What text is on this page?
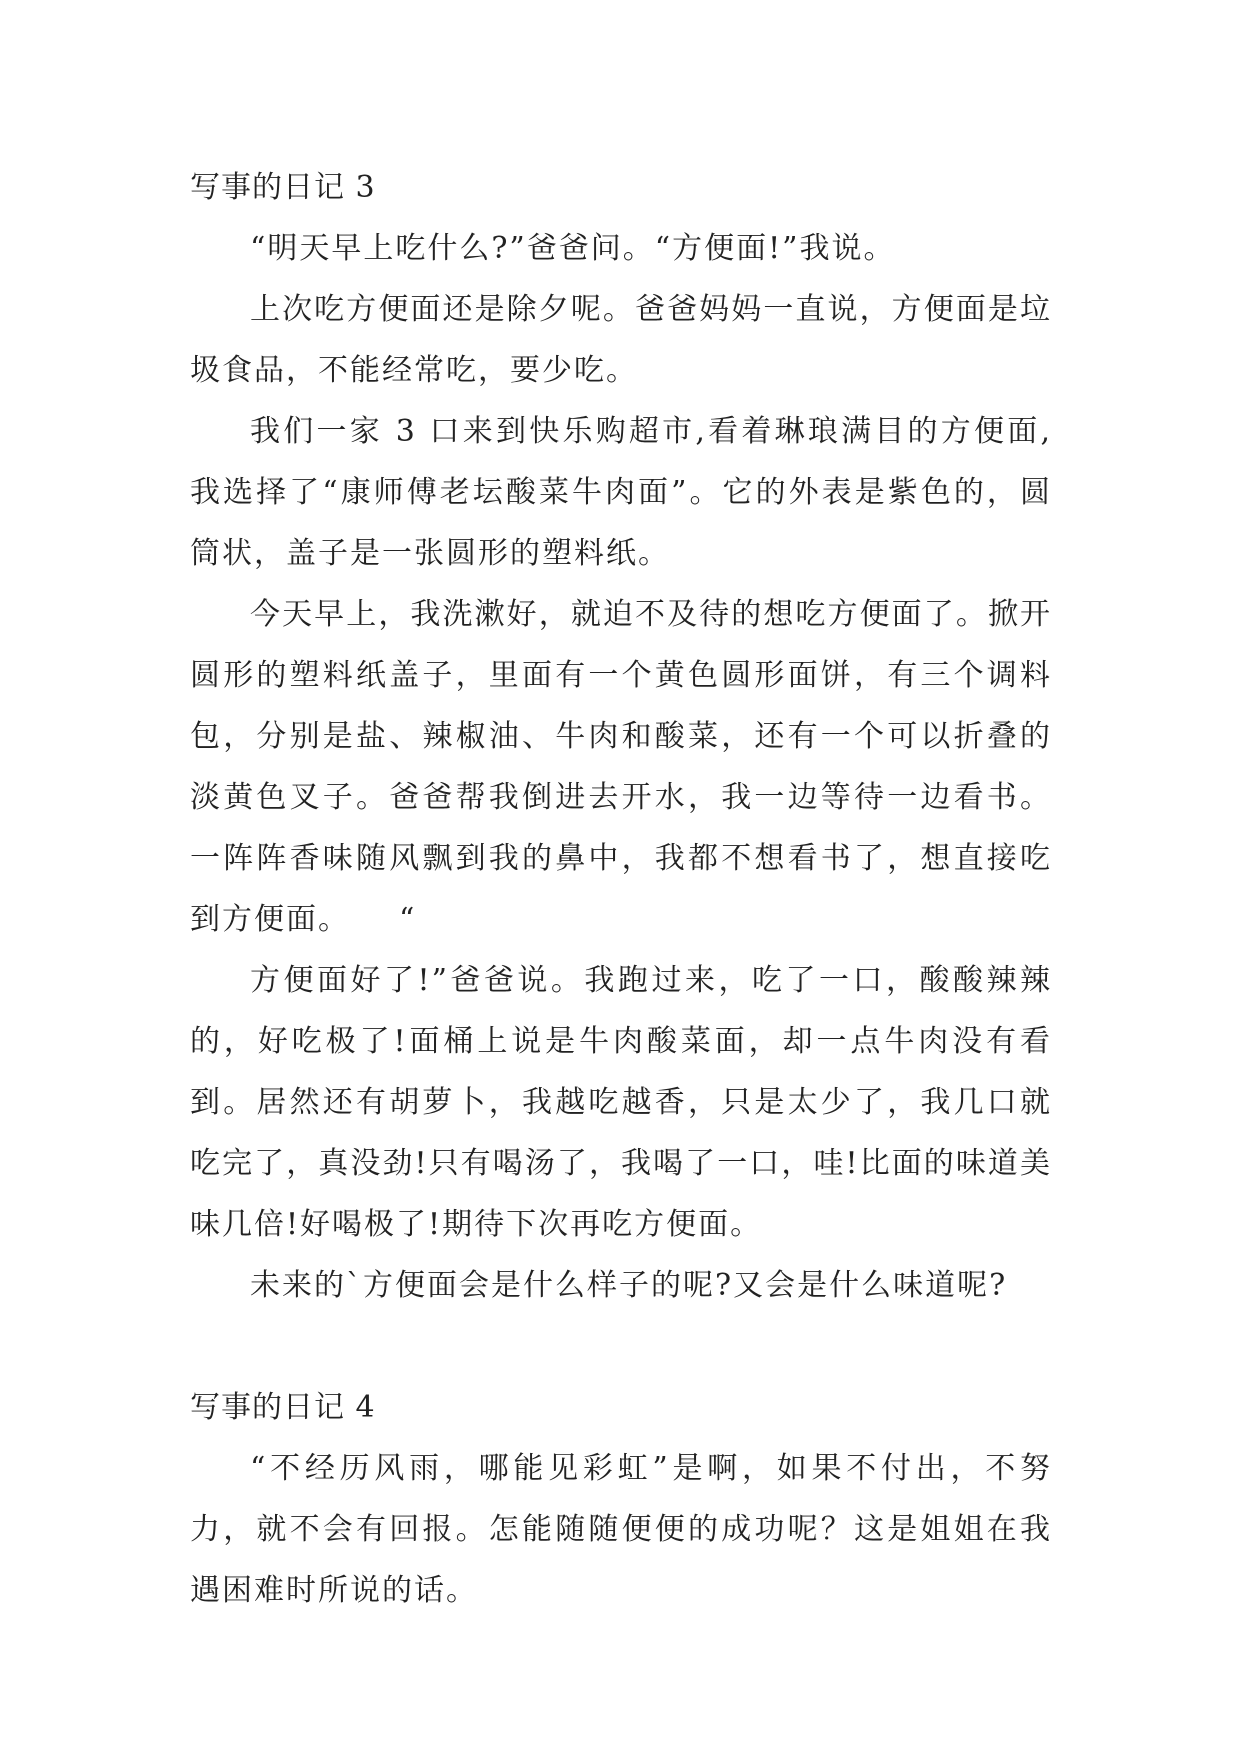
写事的日记 3

“明天早上吃什么?”爸爸问。“方便面!”我说。

上次吃方便面还是除夕呢。爸爸妈妈一直说，方便面是垃圾食品，不能经常吃，要少吃。

我们一家 3 口来到快乐购超市,看着琳琅满目的方便面,我选择了“康师傅老坛酸菜牛肉面”。它的外表是紫色的，圆筒状，盖子是一张圆形的塑料纸。

今天早上，我洗漱好，就迫不及待的想吃方便面了。掀开圆形的塑料纸盖子，里面有一个黄色圆形面饼，有三个调料包，分别是盐、辣椒油、牛肉和酸菜，还有一个可以折叠的淡黄色叉子。爸爸帮我倒进去开水，我一边等待一边看书。一阵阵香味随风飘到我的鼻中，我都不想看书了，想直接吃到方便面。　　“

方便面好了!”爸爸说。我跑过来，吃了一口，酸酸辣辣的，好吃极了!面桶上说是牛肉酸菜面，却一点牛肉没有看到。居然还有胡萝卜，我越吃越香，只是太少了，我几口就吃完了，真没劲!只有喝汤了，我喝了一口，哇!比面的味道美味几倍!好喝极了!期待下次再吃方便面。

未来的`方便面会是什么样子的呢?又会是什么味道呢?

写事的日记 4

“不经历风雨，哪能见彩虹”是啊，如果不付出，不努力，就不会有回报。怎能随随便便的成功呢？这是姐姐在我遇困难时所说的话。
